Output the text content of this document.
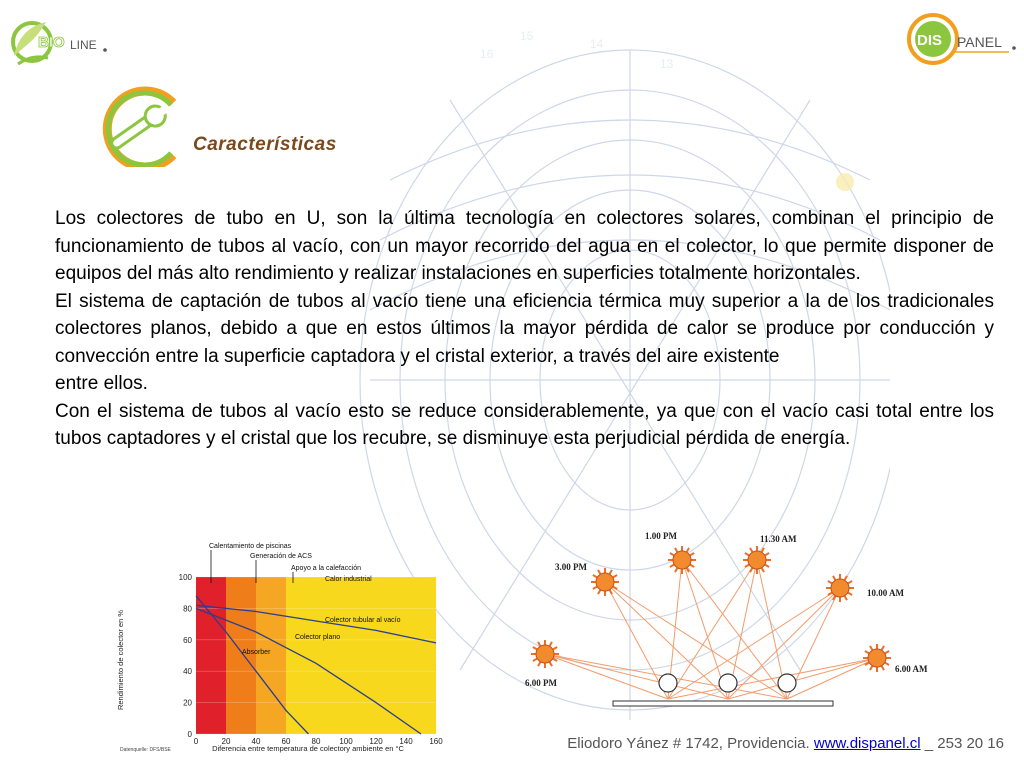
15
16
14
13
BIO LINE	DIS PANEL
Características

Los colectores de tubo en U, son la última tecnología en colectores solares, combinan el principio de funcionamiento de tubos al vacío, con un mayor recorrido del agua en el colector, lo que permite disponer de equipos del más alto rendimiento y realizar instalaciones en superficies totalmente horizontales.

El sistema de captación de tubos al vacío tiene una eficiencia térmica muy superior a la de los tradicionales colectores planos, debido a que en estos últimos la mayor pérdida de calor se produce por conducción y convección entre la superficie captadora y el cristal exterior, a través del aire existente

entre ellos.

Con el sistema de tubos al vacío esto se reduce considerablemente, ya que con el vacío casi total entre los tubos captadores y el cristal que los recubre, se disminuye esta perjudicial pérdida de energía.

0	20	40	60	80 100 120 140 160
0
20
40
60
80
100
Calentamiento de piscinas
Generación de ACS
Apoyo a la calefacción
Calor industrial
Colector tubular al vacío
Colector plano
Absorber
Rendimiento de colector en %
Diferencia entre temperatura de colectory ambiente en °C
Datenquelle: DFS/BSE
1.00 PM	11.30 AM
3.00 PM
10.00 AM
6.00 PM
6.00 AM
Eliodoro Yánez # 1742, Providencia. www.dispanel.cl _ 253 20 16
